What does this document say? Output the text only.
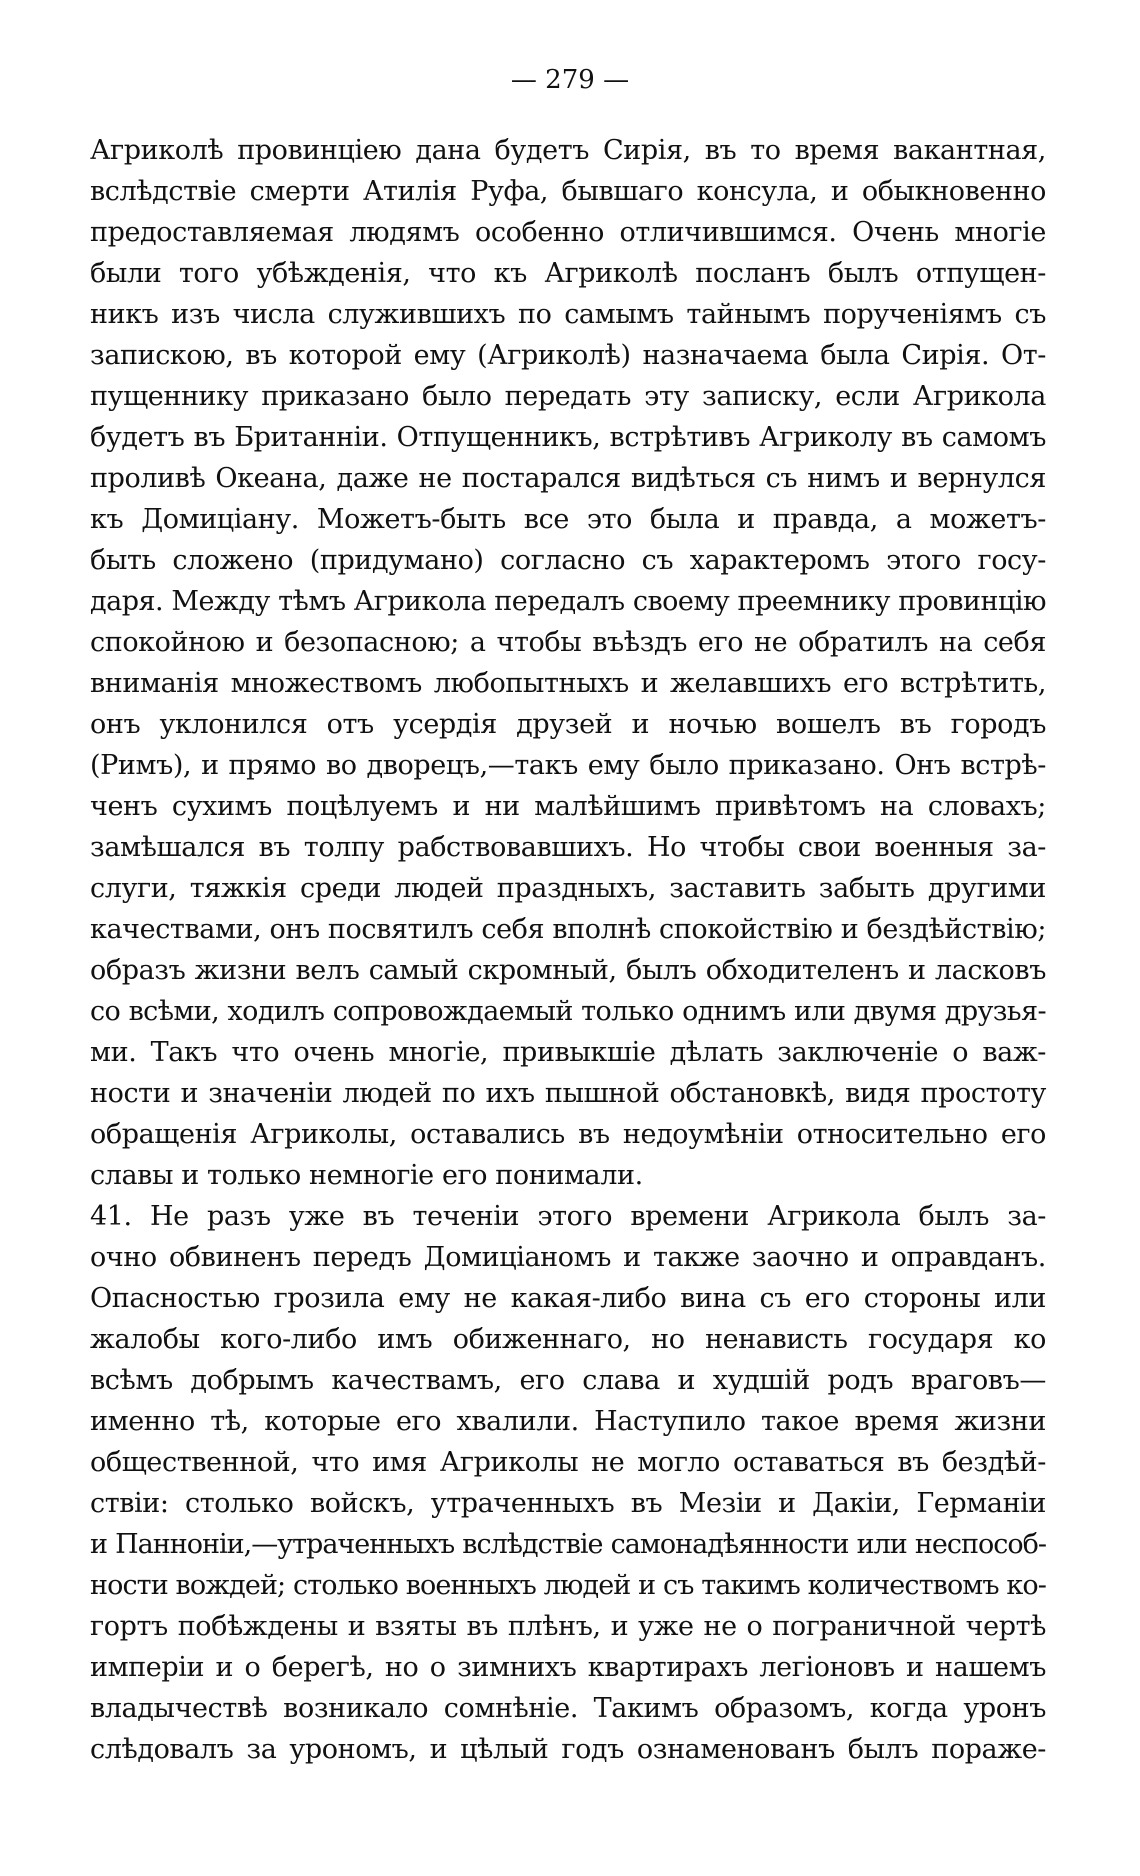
— 279 —
Агриколѣ провинціею дана будетъ Сирія, въ то время вакантная,
вслѣдствіе смерти Атилія Руфа, бывшаго консула, и обыкновенно
предоставляемая людямъ особенно отличившимся. Очень многіе
были того убѣжденія, что къ Агриколѣ посланъ былъ отпущен-
никъ изъ числа служившихъ по самымъ тайнымъ порученіямъ съ
запискою, въ которой ему (Агриколѣ) назначаема была Сирія. От-
пущеннику приказано было передать эту записку, если Агрикола
будетъ въ Британніи. Отпущенникъ, встрѣтивъ Агриколу въ самомъ
проливѣ Океана, даже не постарался видѣться съ нимъ и вернулся
къ Домиціану. Можетъ-быть все это была и правда, а можетъ-
быть сложено (придумано) согласно съ характеромъ этого госу-
даря. Между тѣмъ Агрикола передалъ своему преемнику провинцію
спокойною и безопасною; а чтобы въѣздъ его не обратилъ на себя
вниманія множествомъ любопытныхъ и желавшихъ его встрѣтить,
онъ уклонился отъ усердія друзей и ночью вошелъ въ городъ
(Римъ), и прямо во дворецъ,—такъ ему было приказано. Онъ встрѣ-
ченъ сухимъ поцѣлуемъ и ни малѣйшимъ привѣтомъ на словахъ;
замѣшался въ толпу рабствовавшихъ. Но чтобы свои военныя за-
слуги, тяжкія среди людей праздныхъ, заставить забыть другими
качествами, онъ посвятилъ себя вполнѣ спокойствію и бездѣйствію;
образъ жизни велъ самый скромный, былъ обходителенъ и ласковъ
со всѣми, ходилъ сопровождаемый только однимъ или двумя друзья-
ми. Такъ что очень многіе, привыкшіе дѣлать заключеніе о важ-
ности и значеніи людей по ихъ пышной обстановкѣ, видя простоту
обращенія Агриколы, оставались въ недоумѣніи относительно его
славы и только немногіе его понимали.
41. Не разъ уже въ теченіи этого времени Агрикола былъ за-
очно обвиненъ передъ Домиціаномъ и также заочно и оправданъ.
Опасностью грозила ему не какая-либо вина съ его стороны или
жалобы кого-либо имъ обиженнаго, но ненависть государя ко
всѣмъ добрымъ качествамъ, его слава и худшій родъ враговъ—
именно тѣ, которые его хвалили. Наступило такое время жизни
общественной, что имя Агриколы не могло оставаться въ бездѣй-
ствіи: столько войскъ, утраченныхъ въ Мезіи и Дакіи, Германіи
и Паннoніи,—утраченныхъ вслѣдствіе самонадѣянности или неспособ-
ности вождей; столько военныхъ людей и съ такимъ количествомъ ко-
гортъ побѣждены и взяты въ плѣнъ, и уже не о пограничной чертѣ
имперіи и о берегѣ, но о зимнихъ квартирахъ легіоновъ и нашемъ
владычествѣ возникало сомнѣніе. Такимъ образомъ, когда уронъ
слѣдовалъ за урономъ, и цѣлый годъ ознаменованъ былъ пораже-
